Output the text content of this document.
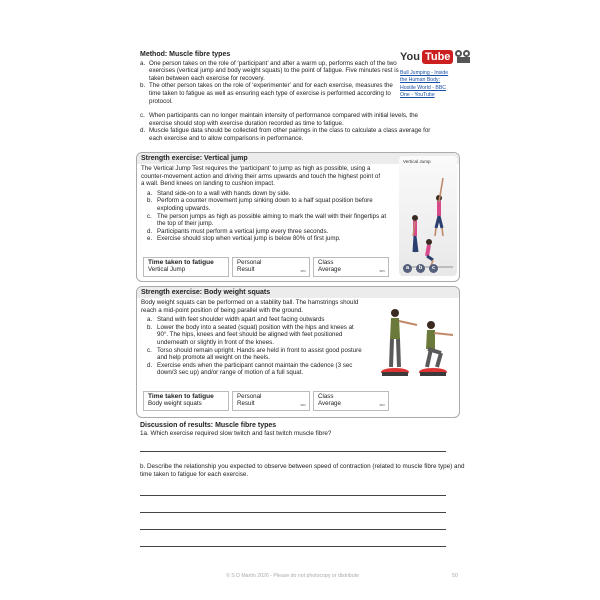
Method: Muscle fibre types
a. One person takes on the role of ‘participant’ and after a warm up, performs each of the two exercises (vertical jump and body weight squats) to the point of fatigue. Five minutes rest is taken between each exercise for recovery.
b. The other person takes on the role of ‘experimenter’ and for each exercise, measures the time taken to fatigue as well as ensuring each type of exercise is performed according to protocol.
c. When participants can no longer maintain intensity of performance compared with initial levels, the exercise should stop with exercise duration recorded as time to fatigue.
d. Muscle fatigue data should be collected from other pairings in the class to calculate a class average for each exercise and to allow comparisons in performance.
You Tube
Bull Jumping - Inside the Human Body: Hostile World - BBC One - YouTube
Strength exercise: Vertical jump
The Vertical Jump Test requires the ‘participant’ to jump as high as possible, using a counter-movement action and driving their arms upwards and touch the highest point of a wall. Bend knees on landing to cushion impact.
a. Stand side-on to a wall with hands down by side.
b. Perform a counter movement jump sinking down to a half squat position before exploding upwards.
c. The person jumps as high as possible aiming to mark the wall with their fingertips at the top of their jump.
d. Participants must perform a vertical jump every three seconds.
e. Exercise should stop when vertical jump is below 80% of first jump.
Vertical Jump
a	b	c
Time taken to fatigue
Vertical Jump
Personal
Result	sec
Class
Average	sec
Strength exercise: Body weight squats
Body weight squats can be performed on a stability ball. The hamstrings should reach a mid-point position of being parallel with the ground.
a. Stand with feet shoulder width apart and feet facing outwards
b. Lower the body into a seated (squat) position with the hips and knees at 90°. The hips, knees and feet should be aligned with feet positioned underneath or slightly in front of the knees.
c. Torso should remain upright. Hands are held in front to assist good posture and help promote all weight on the heels.
d. Exercise ends when the participant cannot maintain the cadence (3 sec down/3 sec up) and/or range of motion of a full squat.
Time taken to fatigue
Body weight squats
Personal
Result	sec
Class
Average	sec
Discussion of results: Muscle fibre types
1a. Which exercise required slow twitch and fast twitch muscle fibre?
b. Describe the relationship you expected to observe between speed of contraction (related to muscle fibre type) and time taken to fatigue for each exercise.
© S D Martin 2026 - Please do not photocopy or distribute	50
